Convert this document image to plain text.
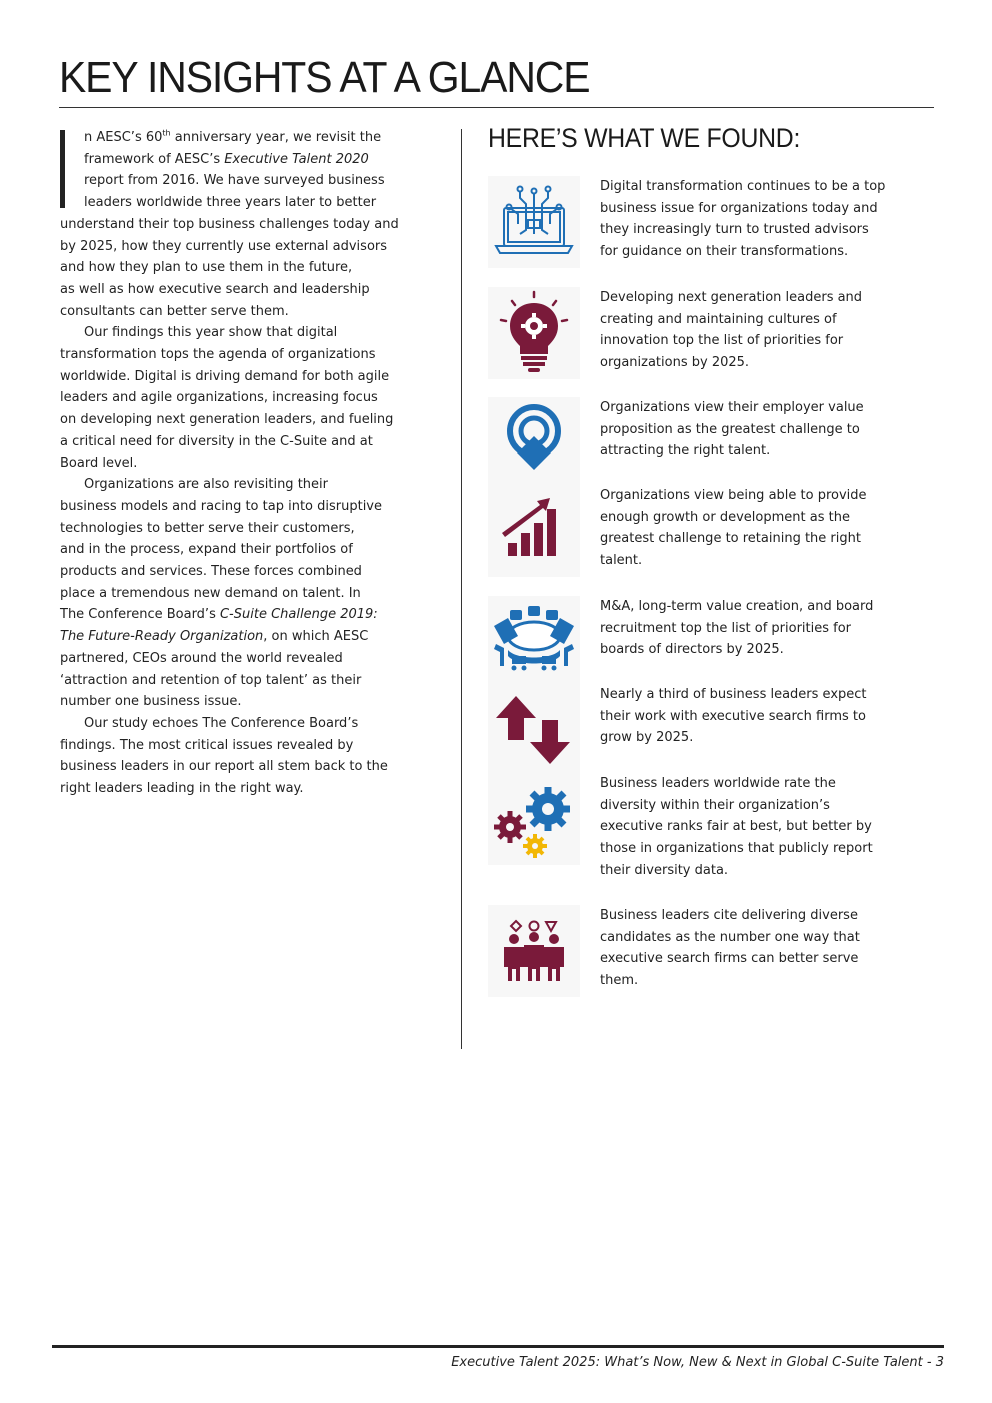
KEY INSIGHTS AT A GLANCE
n AESC’s 60th anniversary year, we revisit the
framework of AESC’s Executive Talent 2020
report from 2016. We have surveyed business
leaders worldwide three years later to better
understand their top business challenges today and
by 2025, how they currently use external advisors
and how they plan to use them in the future,
as well as how executive search and leadership
consultants can better serve them.

Our findings this year show that digital
transformation tops the agenda of organizations
worldwide. Digital is driving demand for both agile
leaders and agile organizations, increasing focus
on developing next generation leaders, and fueling
a critical need for diversity in the C-Suite and at
Board level.

Organizations are also revisiting their
business models and racing to tap into disruptive
technologies to better serve their customers,
and in the process, expand their portfolios of
products and services. These forces combined
place a tremendous new demand on talent. In
The Conference Board’s C-Suite Challenge 2019:
The Future-Ready Organization, on which AESC
partnered, CEOs around the world revealed
‘attraction and retention of top talent’ as their
number one business issue.

Our study echoes The Conference Board’s
findings. The most critical issues revealed by
business leaders in our report all stem back to the
right leaders leading in the right way.

HERE’S WHAT WE FOUND:
Digital transformation continues to be a top
business issue for organizations today and
they increasingly turn to trusted advisors
for guidance on their transformations.
Developing next generation leaders and
creating and maintaining cultures of
innovation top the list of priorities for
organizations by 2025.
Organizations view their employer value
proposition as the greatest challenge to
attracting the right talent.
Organizations view being able to provide
enough growth or development as the
greatest challenge to retaining the right
talent.
M&A, long-term value creation, and board
recruitment top the list of priorities for
boards of directors by 2025.
Nearly a third of business leaders expect
their work with executive search firms to
grow by 2025.
Business leaders worldwide rate the
diversity within their organization’s
executive ranks fair at best, but better by
those in organizations that publicly report
their diversity data.
Business leaders cite delivering diverse
candidates as the number one way that
executive search firms can better serve
them.
Executive Talent 2025: What’s Now, New & Next in Global C-Suite Talent - 3
